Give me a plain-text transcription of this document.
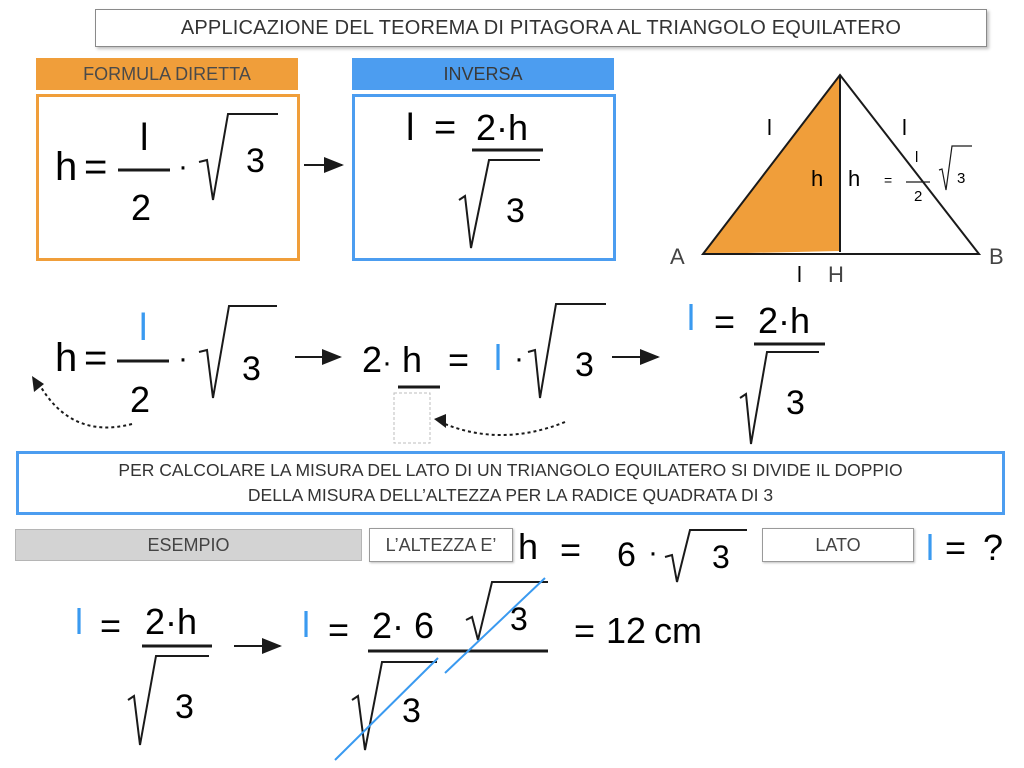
APPLICAZIONE DEL TEOREMA DI PITAGORA AL TRIANGOLO EQUILATERO
FORMULA DIRETTA	INVERSA
PER CALCOLARE LA MISURA DEL LATO DI UN TRIANGOLO EQUILATERO SI DIVIDE IL DOPPIO
DELLA MISURA DELL’ALTEZZA PER LA RADICE QUADRATA DI 3
ESEMPIO	L’ALTEZZA E’	LATO
h =
l
2
· 3
l = 2·h
3
l	l
h h =
l
2
3
A	B
H
l
h =
l
2
· 3	2 · h = l · 3
l = 2·h
3
h = 6 · 3	l = ?
l = 2·h
3
l = 2· 6 3
3
= 12 cm
